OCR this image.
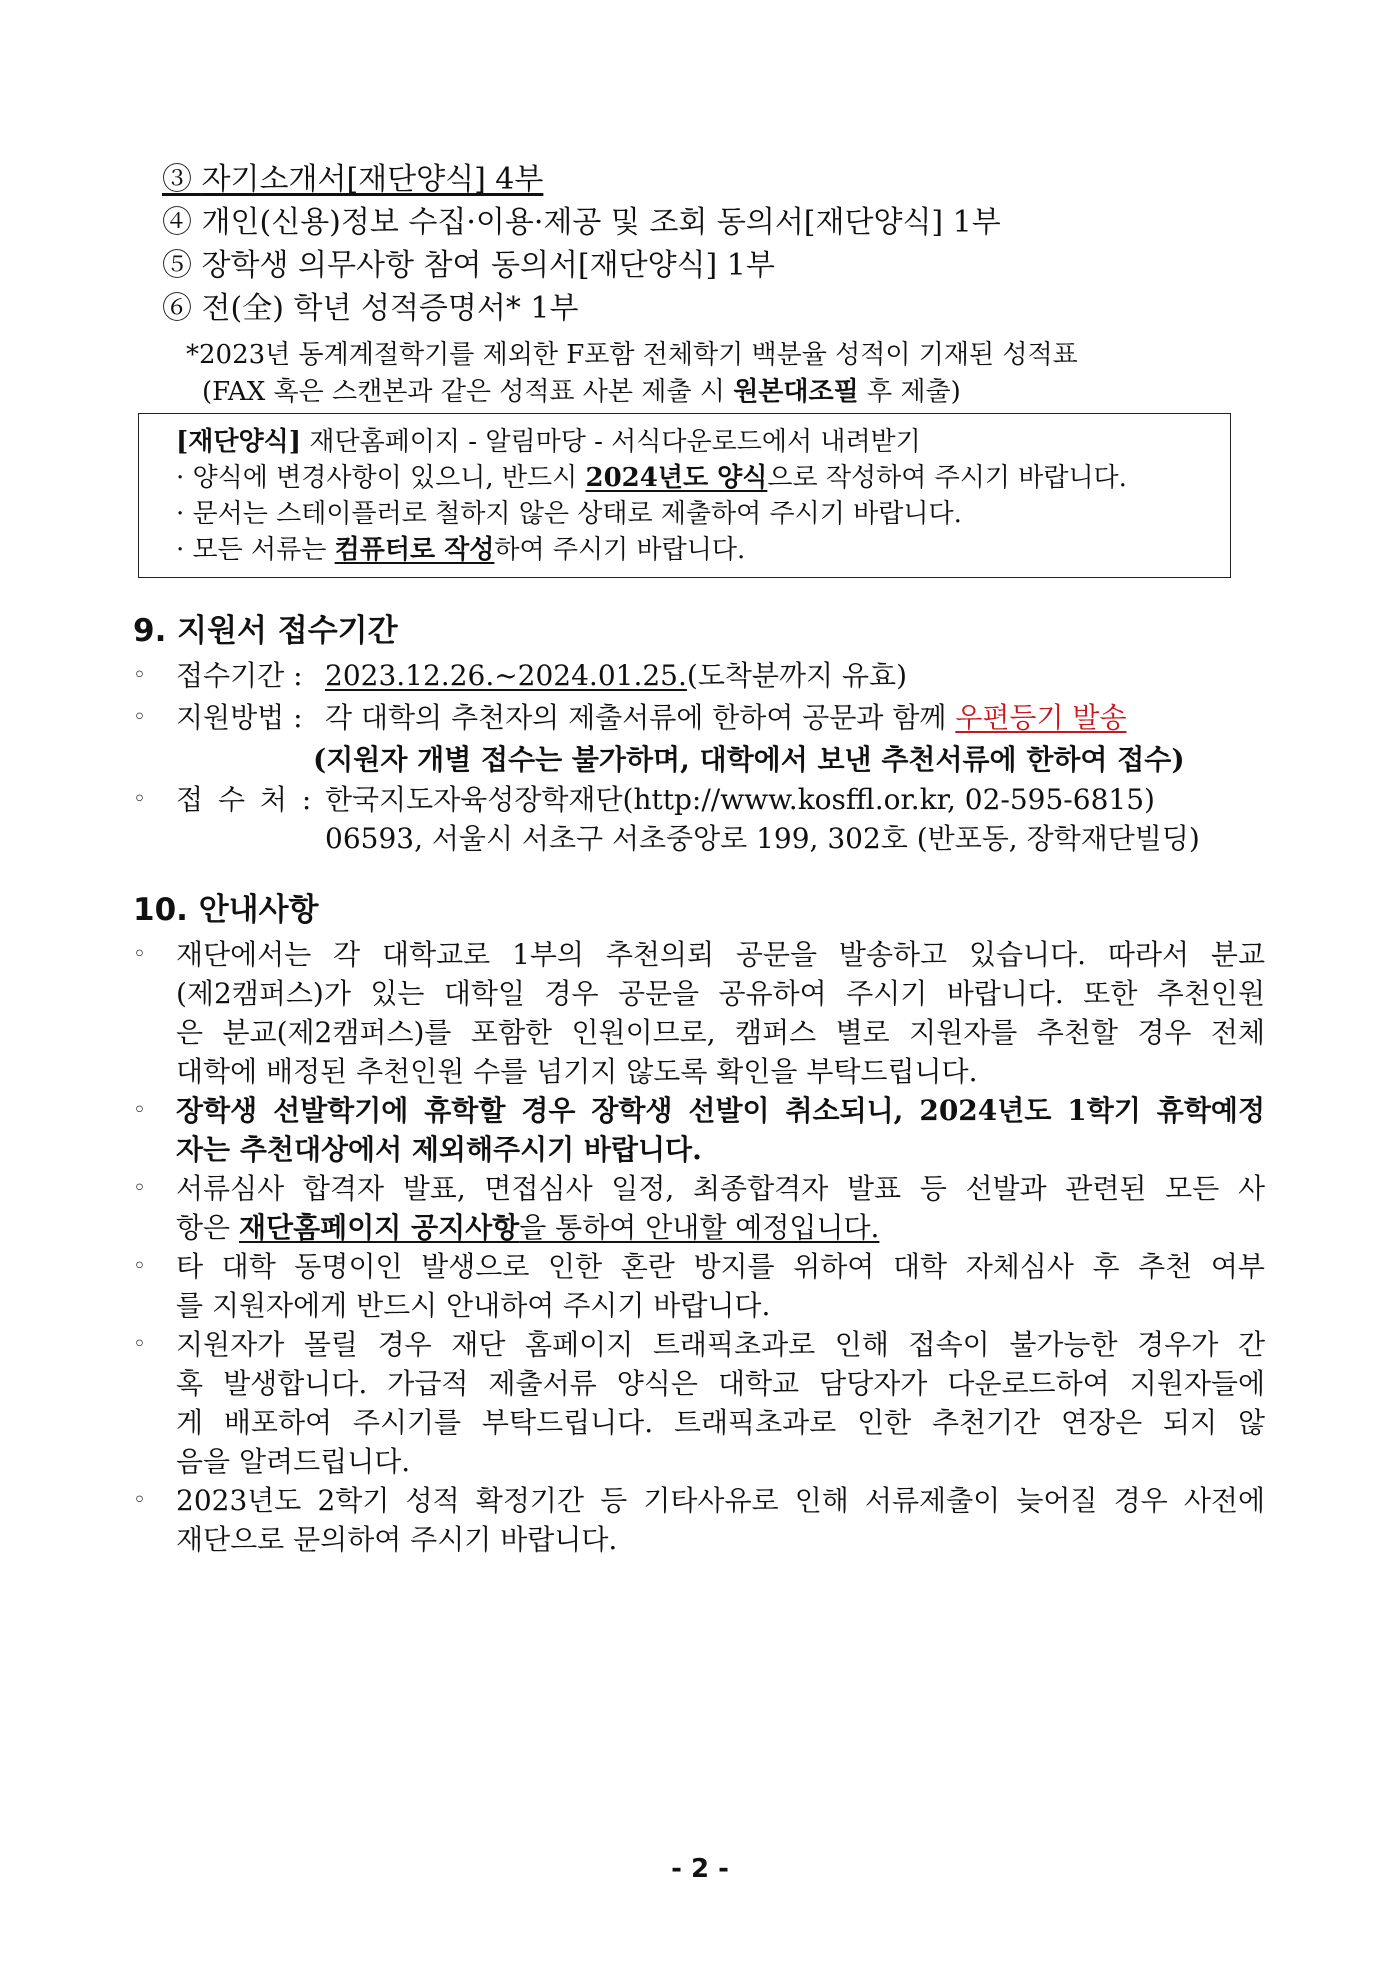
③ 자기소개서[재단양식] 4부
④ 개인(신용)정보 수집·이용·제공 및 조회 동의서[재단양식] 1부
⑤ 장학생 의무사항 참여 동의서[재단양식] 1부
⑥ 전(全) 학년 성적증명서* 1부
*2023년 동계계절학기를 제외한 F포함 전체학기 백분율 성적이 기재된 성적표
(FAX 혹은 스캔본과 같은 성적표 사본 제출 시 원본대조필 후 제출)
[재단양식] 재단홈페이지 - 알림마당 - 서식다운로드에서 내려받기
· 양식에 변경사항이 있으니, 반드시 2024년도 양식으로 작성하여 주시기 바랍니다.
· 문서는 스테이플러로 철하지 않은 상태로 제출하여 주시기 바랍니다.
· 모든 서류는 컴퓨터로 작성하여 주시기 바랍니다.
9. 지원서 접수기간
◦ 접수기간 : 2023.12.26.~2024.01.25.(도착분까지 유효)
◦ 지원방법 : 각 대학의 추천자의 제출서류에 한하여 공문과 함께 우편등기 발송
(지원자 개별 접수는 불가하며, 대학에서 보낸 추천서류에 한하여 접수)
◦ 접 수 처 : 한국지도자육성장학재단(http://www.kosffl.or.kr, 02-595-6815)
06593, 서울시 서초구 서초중앙로 199, 302호 (반포동, 장학재단빌딩)
10. 안내사항
◦ 재단에서는 각 대학교로 1부의 추천의뢰 공문을 발송하고 있습니다. 따라서 분교
(제2캠퍼스)가 있는 대학일 경우 공문을 공유하여 주시기 바랍니다. 또한 추천인원
은 분교(제2캠퍼스)를 포함한 인원이므로, 캠퍼스 별로 지원자를 추천할 경우 전체
대학에 배정된 추천인원 수를 넘기지 않도록 확인을 부탁드립니다.
◦ 장학생 선발학기에 휴학할 경우 장학생 선발이 취소되니, 2024년도 1학기 휴학예정
자는 추천대상에서 제외해주시기 바랍니다.
◦ 서류심사 합격자 발표, 면접심사 일정, 최종합격자 발표 등 선발과 관련된 모든 사
항은 재단홈페이지 공지사항을 통하여 안내할 예정입니다.
◦ 타 대학 동명이인 발생으로 인한 혼란 방지를 위하여 대학 자체심사 후 추천 여부
를 지원자에게 반드시 안내하여 주시기 바랍니다.
◦ 지원자가 몰릴 경우 재단 홈페이지 트래픽초과로 인해 접속이 불가능한 경우가 간
혹 발생합니다. 가급적 제출서류 양식은 대학교 담당자가 다운로드하여 지원자들에
게 배포하여 주시기를 부탁드립니다. 트래픽초과로 인한 추천기간 연장은 되지 않
음을 알려드립니다.
◦ 2023년도 2학기 성적 확정기간 등 기타사유로 인해 서류제출이 늦어질 경우 사전에
재단으로 문의하여 주시기 바랍니다.
- 2 -
